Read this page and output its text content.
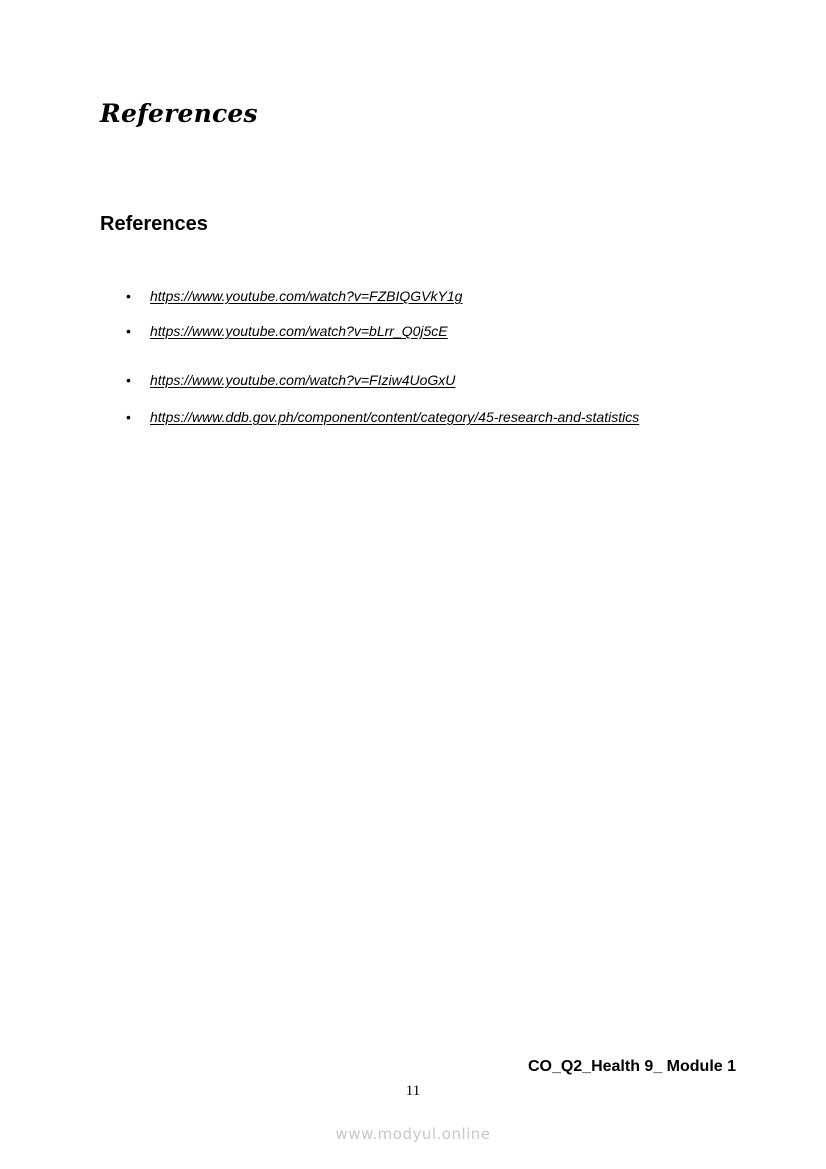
References
References
•	https://www.youtube.com/watch?v=FZBIQGVkY1g
•	https://www.youtube.com/watch?v=bLrr_Q0j5cE
•	https://www.youtube.com/watch?v=FIziw4UoGxU
•	https://www.ddb.gov.ph/component/content/category/45-research-and-statistics
CO_Q2_Health 9_ Module 1
11
www.modyul.online
